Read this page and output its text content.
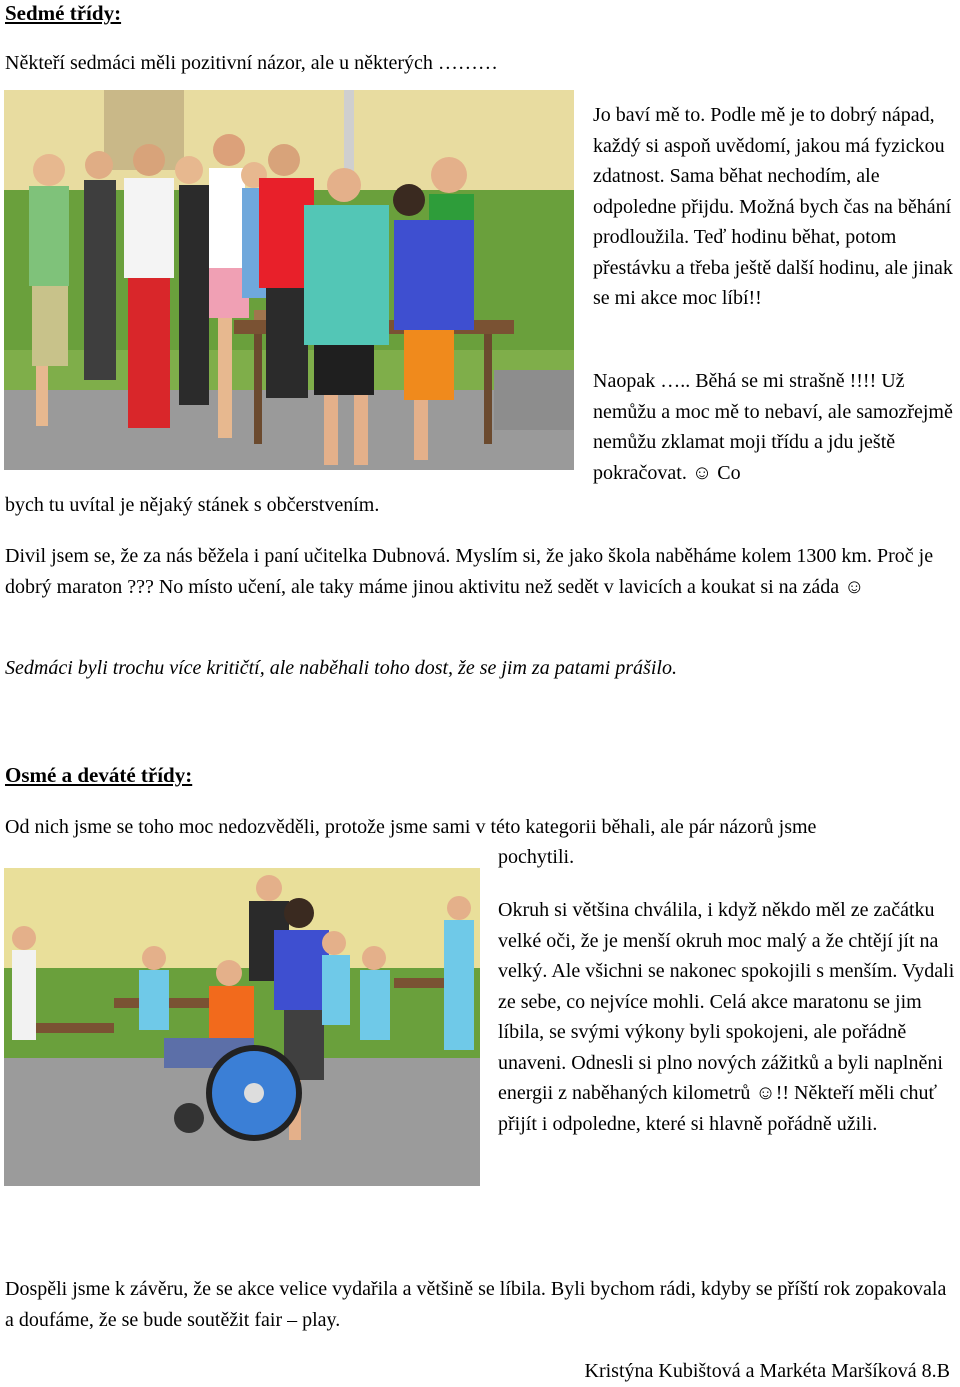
Sedmé třídy:

Někteří sedmáci měli pozitivní názor, ale u některých ………

Jo baví mě to. Podle mě je to dobrý nápad, každý si aspoň uvědomí, jakou má fyzickou zdatnost. Sama běhat nechodím, ale odpoledne přijdu. Možná bych čas na běhání prodloužila. Teď hodinu běhat, potom přestávku a třeba ještě další hodinu, ale jinak se mi akce moc líbí!!

Naopak ….. Běhá se mi strašně !!!! Už nemůžu a moc mě to nebaví, ale samozřejmě nemůžu zklamat moji třídu a jdu ještě pokračovat. ☺ Co

bych tu uvítal je nějaký stánek s občerstvením.

Divil jsem se, že za nás běžela i paní učitelka Dubnová. Myslím si, že jako škola naběháme kolem 1300 km. Proč je dobrý maraton ??? No místo učení, ale taky máme jinou aktivitu než sedět v lavicích a koukat si na záda ☺

Sedmáci byli trochu více kritičtí, ale naběhali toho dost, že se jim za patami prášilo.

Osmé a deváté třídy:

Od nich jsme se toho moc nedozvěděli, protože jsme sami v této kategorii běhali, ale pár názorů jsme

pochytili.

Okruh si většina chválila, i když někdo měl ze začátku velké oči, že je menší okruh moc malý a že chtějí jít na velký. Ale všichni se nakonec spokojili s menším. Vydali ze sebe, co nejvíce mohli. Celá akce maratonu se jim líbila, se svými výkony byli spokojeni, ale pořádně unaveni. Odnesli si plno nových zážitků a byli naplněni energii z naběhaných kilometrů ☺!! Někteří měli chuť přijít i odpoledne, které si hlavně pořádně užili.

Dospěli jsme k závěru, že se akce velice vydařila a většině se líbila. Byli bychom rádi, kdyby se příští rok zopakovala a doufáme, že se bude soutěžit fair – play.

Kristýna Kubištová a Markéta Maršíková 8.B
